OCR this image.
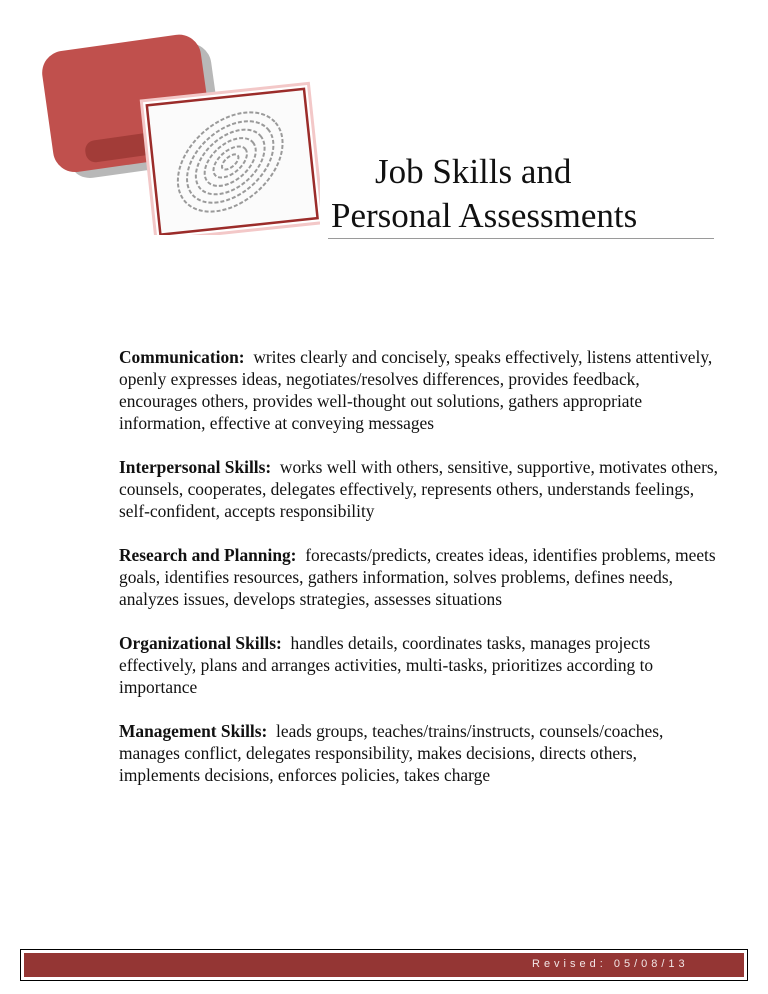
Job Skills and
Personal Assessments

Communication: writes clearly and concisely, speaks effectively, listens attentively, openly expresses ideas, negotiates/resolves differences, provides feedback, encourages others, provides well-thought out solutions, gathers appropriate information, effective at conveying messages

Interpersonal Skills: works well with others, sensitive, supportive, motivates others, counsels, cooperates, delegates effectively, represents others, understands feelings, self-confident, accepts responsibility

Research and Planning: forecasts/predicts, creates ideas, identifies problems, meets goals, identifies resources, gathers information, solves problems, defines needs, analyzes issues, develops strategies, assesses situations

Organizational Skills: handles details, coordinates tasks, manages projects effectively, plans and arranges activities, multi-tasks, prioritizes according to importance

Management Skills: leads groups, teaches/trains/instructs, counsels/coaches, manages conflict, delegates responsibility, makes decisions, directs others, implements decisions, enforces policies, takes charge

Revised: 05/08/13
